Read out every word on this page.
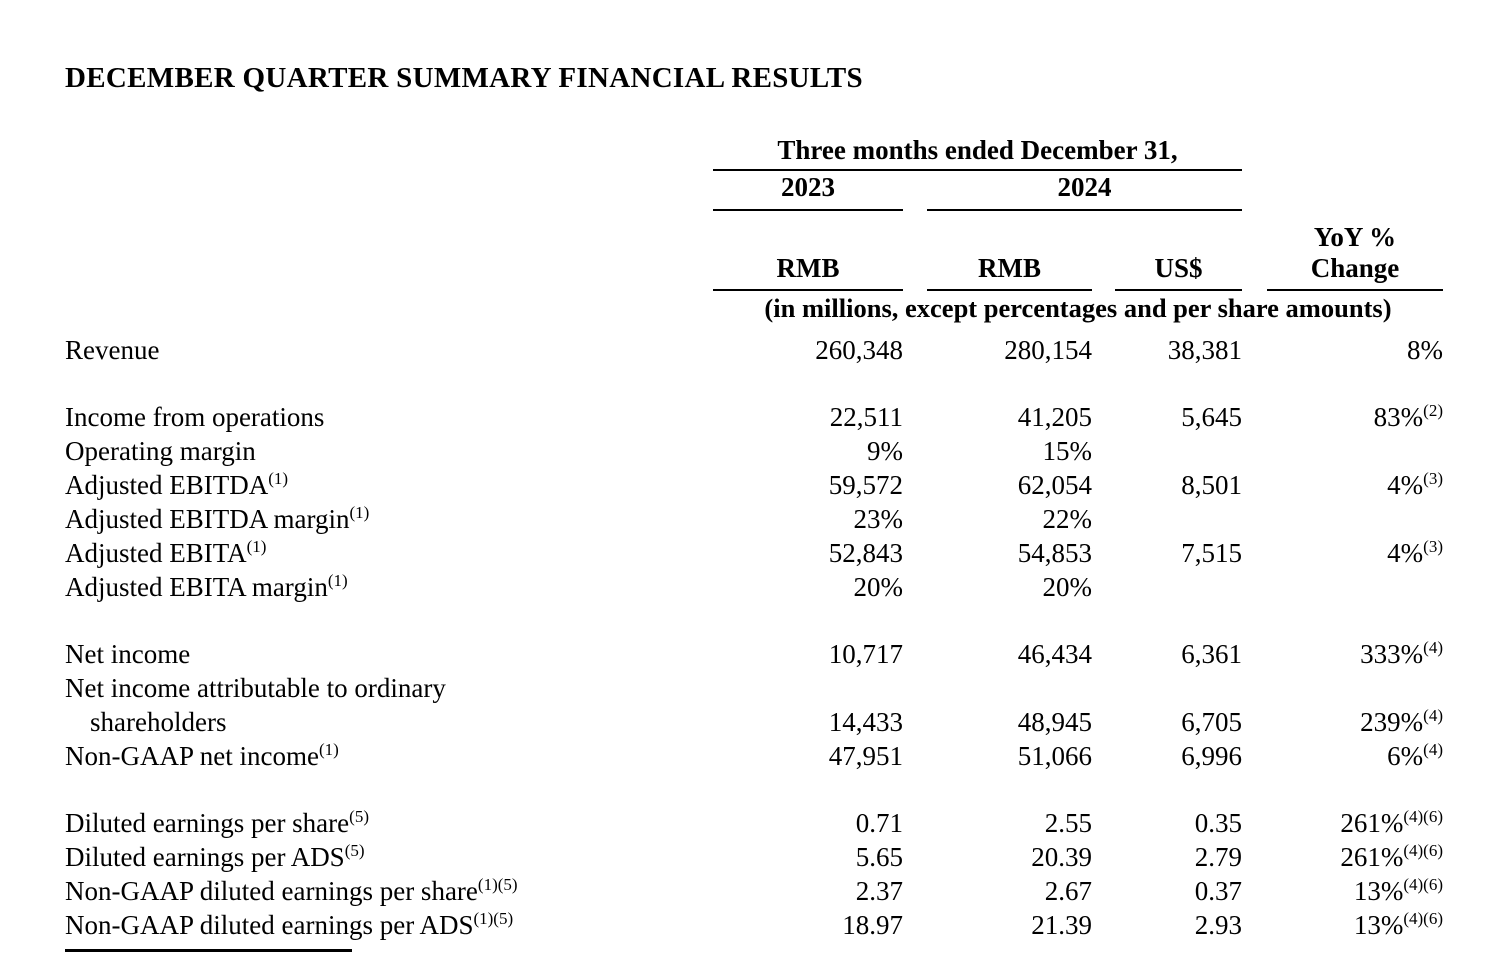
DECEMBER QUARTER SUMMARY FINANCIAL RESULTS
Three months ended December 31,
2023	2024
RMB	RMB	US$
YoY %
Change
(in millions, except percentages and per share amounts)
Revenue	260,348	280,154	38,381	8%
Income from operations	22,511	41,205	5,645	83%$^{(2)}$
Operating margin	9%	15%
Adjusted EBITDA$^{(1)}$	59,572	62,054	8,501	4%$^{(3)}$
Adjusted EBITDA margin$^{(1)}$	23%	22%
Adjusted EBITA$^{(1)}$	52,843	54,853	7,515	4%$^{(3)}$
Adjusted EBITA margin$^{(1)}$	20%	20%
Net income	10,717	46,434	6,361	333%$^{(4)}$
Net income attributable to ordinary
shareholders	14,433	48,945	6,705	239%$^{(4)}$
Non-GAAP net income$^{(1)}$	47,951	51,066	6,996	6%$^{(4)}$
Diluted earnings per share$^{(5)}$	0.71	2.55	0.35	261%$^{(4)(6)}$
Diluted earnings per ADS$^{(5)}$	5.65	20.39	2.79	261%$^{(4)(6)}$
Non-GAAP diluted earnings per share$^{(1)(5)}$	2.37	2.67	0.37	13%$^{(4)(6)}$
Non-GAAP diluted earnings per $ADS^{(1)(5)}$	18.97	21.39	2.93	13%$^{(4)(6)}$
